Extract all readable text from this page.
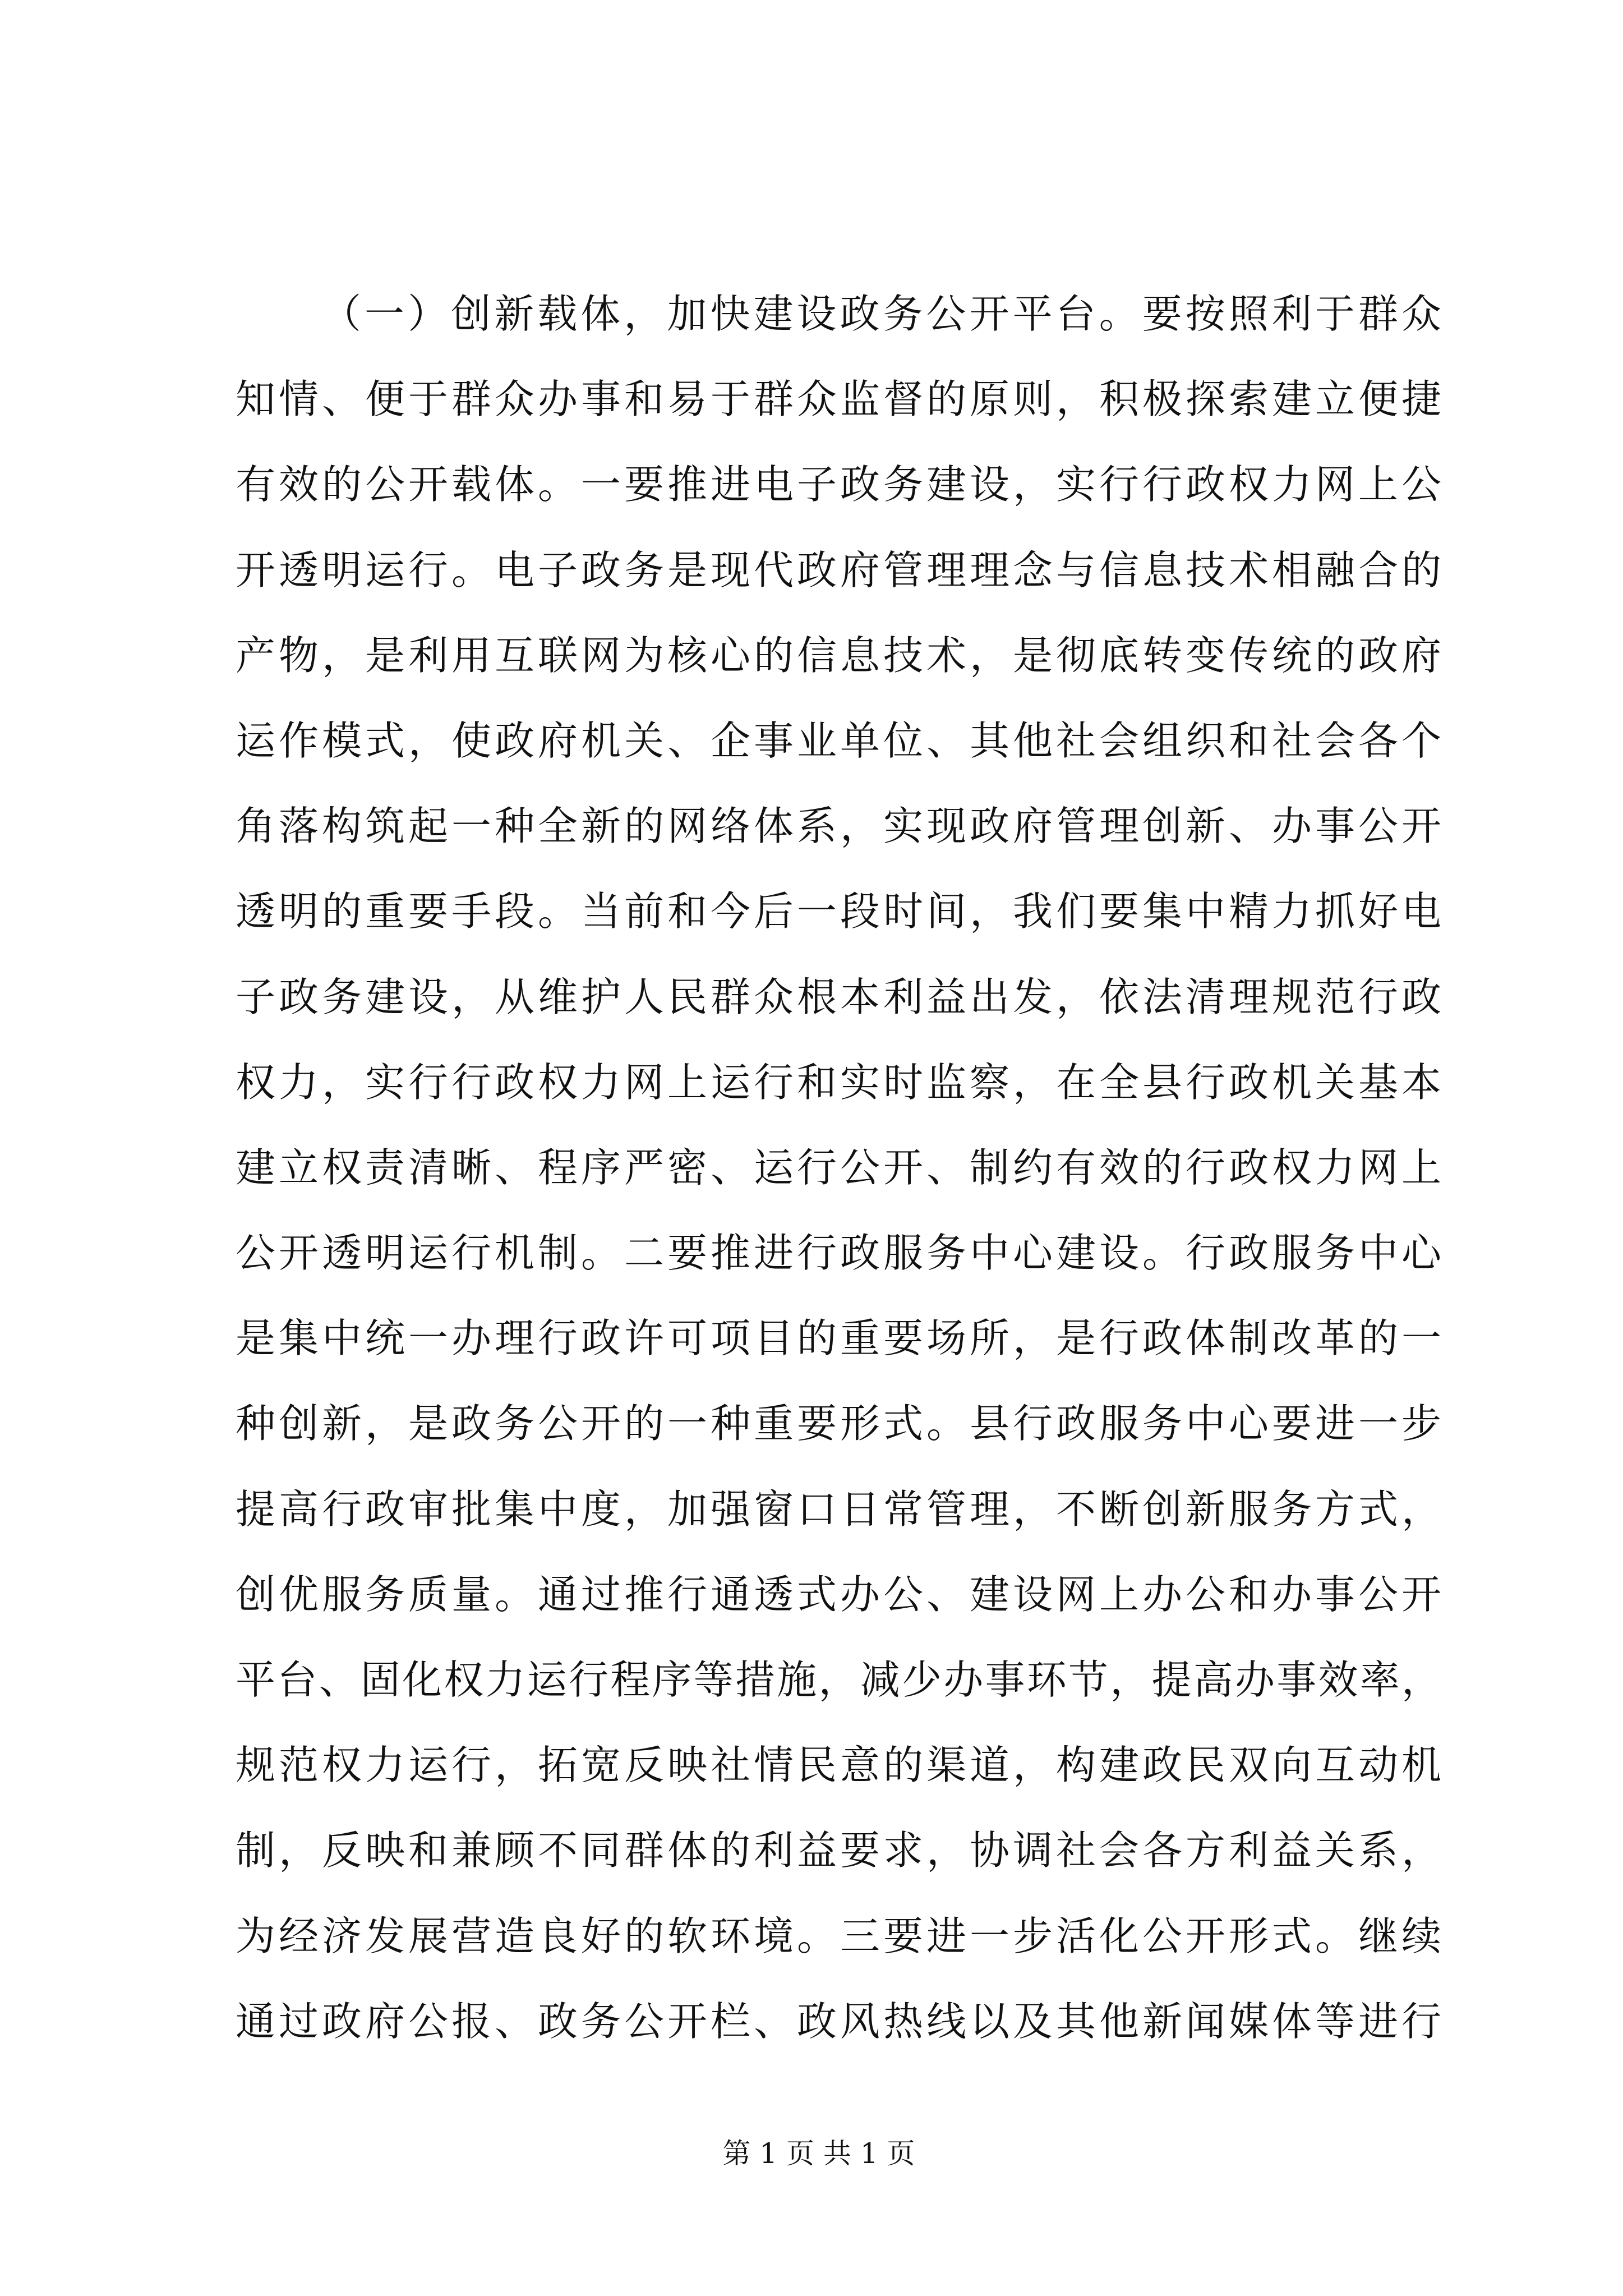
（一）创新载体，加快建设政务公开平台。要按照利于群众
知情、便于群众办事和易于群众监督的原则，积极探索建立便捷
有效的公开载体。一要推进电子政务建设，实行行政权力网上公
开透明运行。电子政务是现代政府管理理念与信息技术相融合的
产物，是利用互联网为核心的信息技术，是彻底转变传统的政府
运作模式，使政府机关、企事业单位、其他社会组织和社会各个
角落构筑起一种全新的网络体系，实现政府管理创新、办事公开
透明的重要手段。当前和今后一段时间，我们要集中精力抓好电
子政务建设，从维护人民群众根本利益出发，依法清理规范行政
权力，实行行政权力网上运行和实时监察，在全县行政机关基本
建立权责清晰、程序严密、运行公开、制约有效的行政权力网上
公开透明运行机制。二要推进行政服务中心建设。行政服务中心
是集中统一办理行政许可项目的重要场所，是行政体制改革的一
种创新，是政务公开的一种重要形式。县行政服务中心要进一步
提高行政审批集中度，加强窗口日常管理，不断创新服务方式，
创优服务质量。通过推行通透式办公、建设网上办公和办事公开
平台、固化权力运行程序等措施，减少办事环节，提高办事效率，
规范权力运行，拓宽反映社情民意的渠道，构建政民双向互动机
制，反映和兼顾不同群体的利益要求，协调社会各方利益关系，
为经济发展营造良好的软环境。三要进一步活化公开形式。继续
通过政府公报、政务公开栏、政风热线以及其他新闻媒体等进行
第 1 页 共 1 页
